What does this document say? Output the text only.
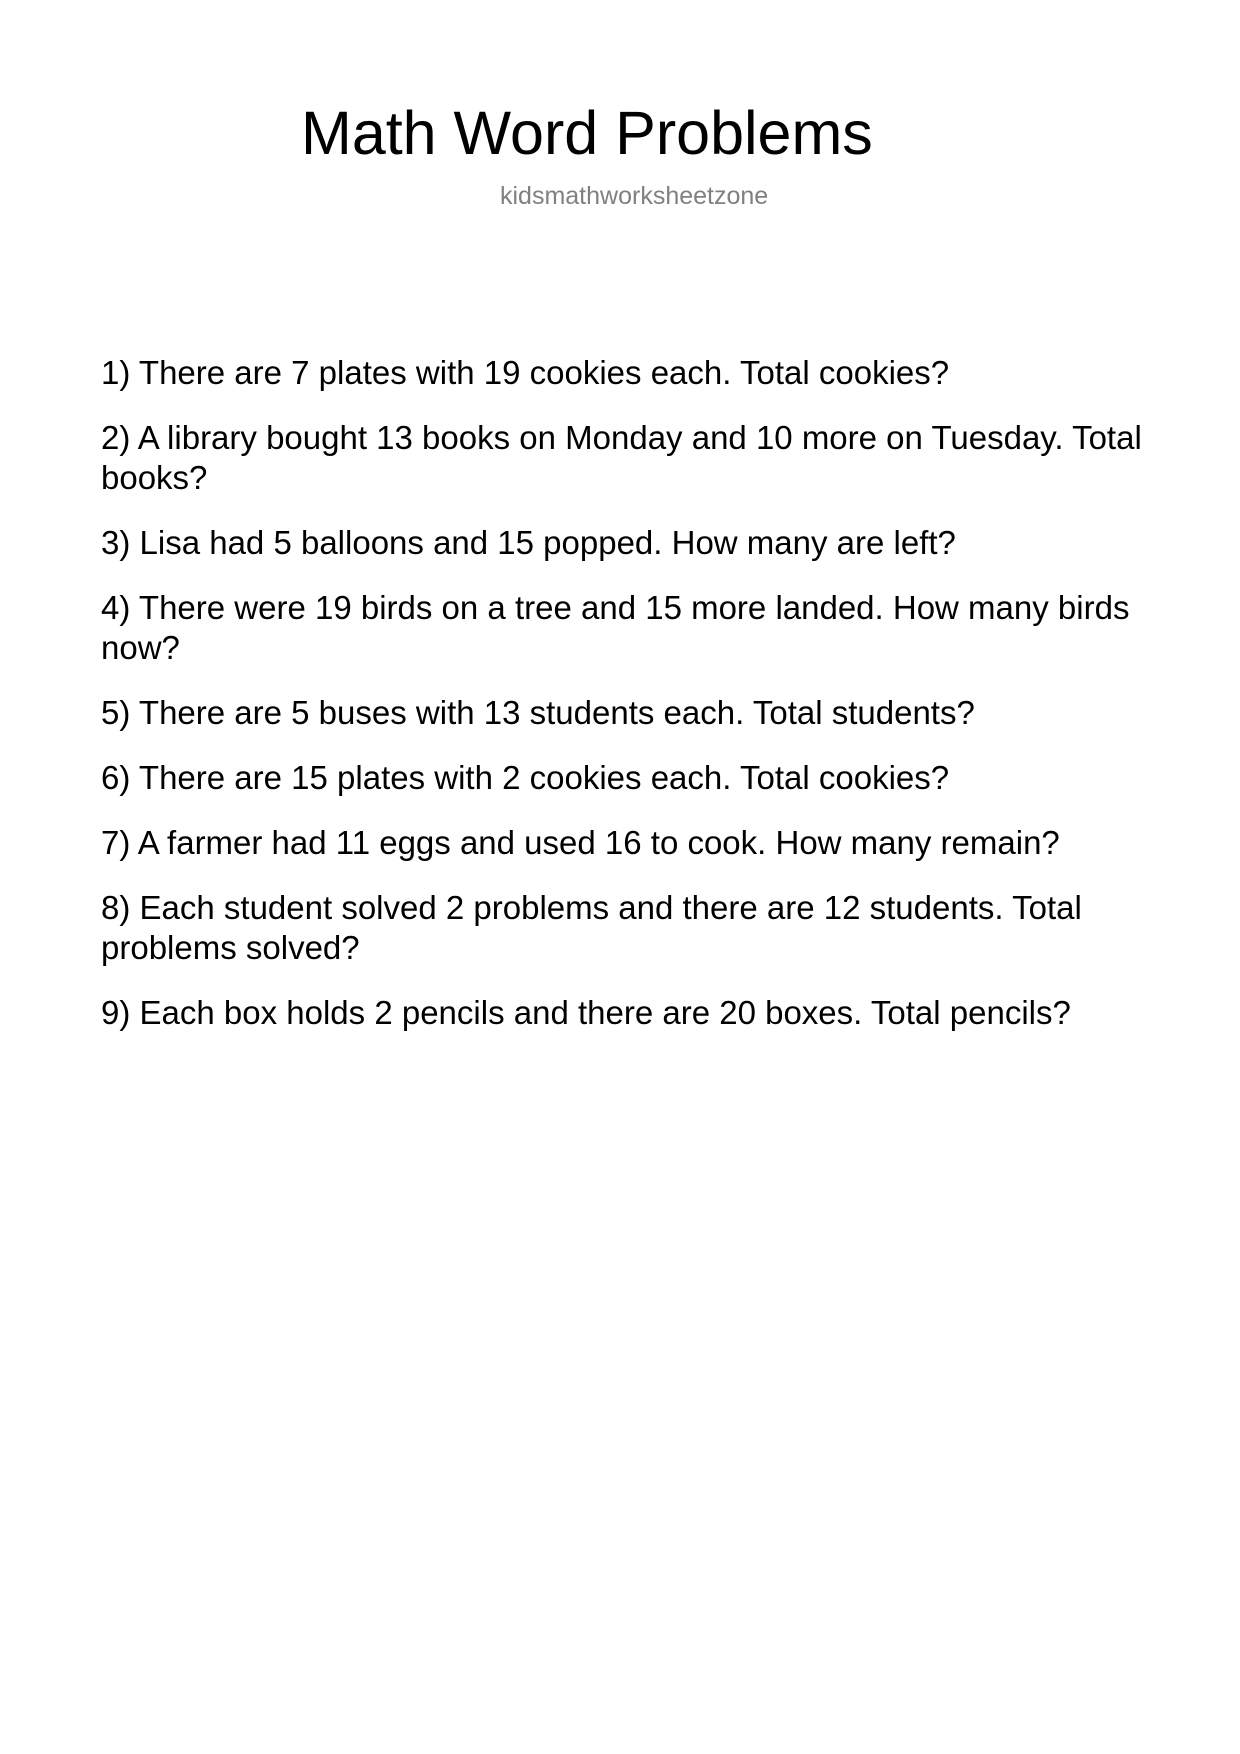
Math Word Problems
kidsmathworksheetzone
1) There are 7 plates with 19 cookies each. Total cookies?
2) A library bought 13 books on Monday and 10 more on Tuesday. Total books?
3) Lisa had 5 balloons and 15 popped. How many are left?
4) There were 19 birds on a tree and 15 more landed. How many birds now?
5) There are 5 buses with 13 students each. Total students?
6) There are 15 plates with 2 cookies each. Total cookies?
7) A farmer had 11 eggs and used 16 to cook. How many remain?
8) Each student solved 2 problems and there are 12 students. Total problems solved?
9) Each box holds 2 pencils and there are 20 boxes. Total pencils?
